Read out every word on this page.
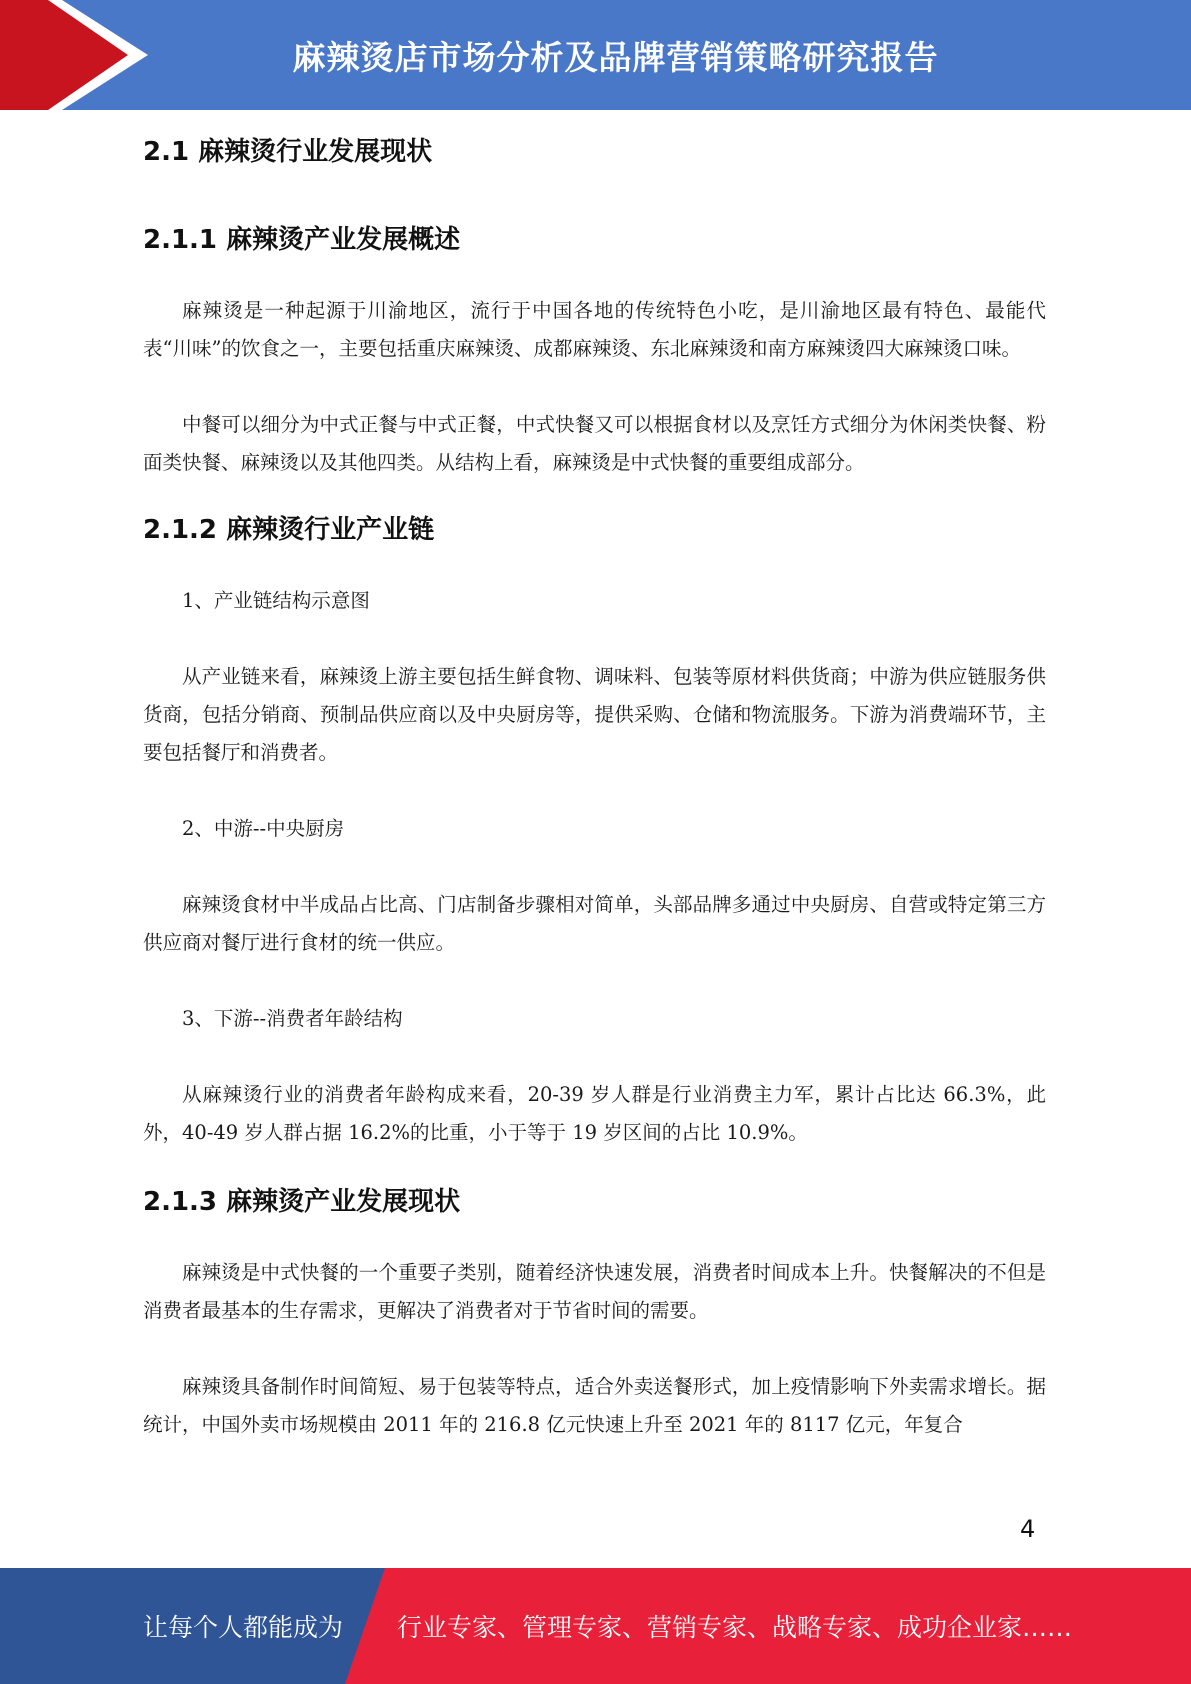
麻辣烫店市场分析及品牌营销策略研究报告
2.1 麻辣烫行业发展现状
2.1.1 麻辣烫产业发展概述

麻辣烫是一种起源于川渝地区，流行于中国各地的传统特色小吃，是川渝地区最有特色、最能代表“川味”的饮食之一，主要包括重庆麻辣烫、成都麻辣烫、东北麻辣烫和南方麻辣烫四大麻辣烫口味。

中餐可以细分为中式正餐与中式正餐，中式快餐又可以根据食材以及烹饪方式细分为休闲类快餐、粉面类快餐、麻辣烫以及其他四类。从结构上看，麻辣烫是中式快餐的重要组成部分。

2.1.2 麻辣烫行业产业链
1、产业链结构示意图

从产业链来看，麻辣烫上游主要包括生鲜食物、调味料、包装等原材料供货商；中游为供应链服务供货商，包括分销商、预制品供应商以及中央厨房等，提供采购、仓储和物流服务。下游为消费端环节，主要包括餐厅和消费者。

2、中游--中央厨房

麻辣烫食材中半成品占比高、门店制备步骤相对简单，头部品牌多通过中央厨房、自营或特定第三方供应商对餐厅进行食材的统一供应。

3、下游--消费者年龄结构

从麻辣烫行业的消费者年龄构成来看，20-39 岁人群是行业消费主力军，累计占比达 66.3%，此外，40-49 岁人群占据 16.2%的比重，小于等于 19 岁区间的占比 10.9%。

2.1.3 麻辣烫产业发展现状

麻辣烫是中式快餐的一个重要子类别，随着经济快速发展，消费者时间成本上升。快餐解决的不但是消费者最基本的生存需求，更解决了消费者对于节省时间的需要。

麻辣烫具备制作时间简短、易于包装等特点，适合外卖送餐形式，加上疫情影响下外卖需求增长。据统计，中国外卖市场规模由 2011 年的 216.8 亿元快速上升至 2021 年的 8117 亿元，年复合

4
让每个人都能成为 行业专家、管理专家、营销专家、战略专家、成功企业家……
